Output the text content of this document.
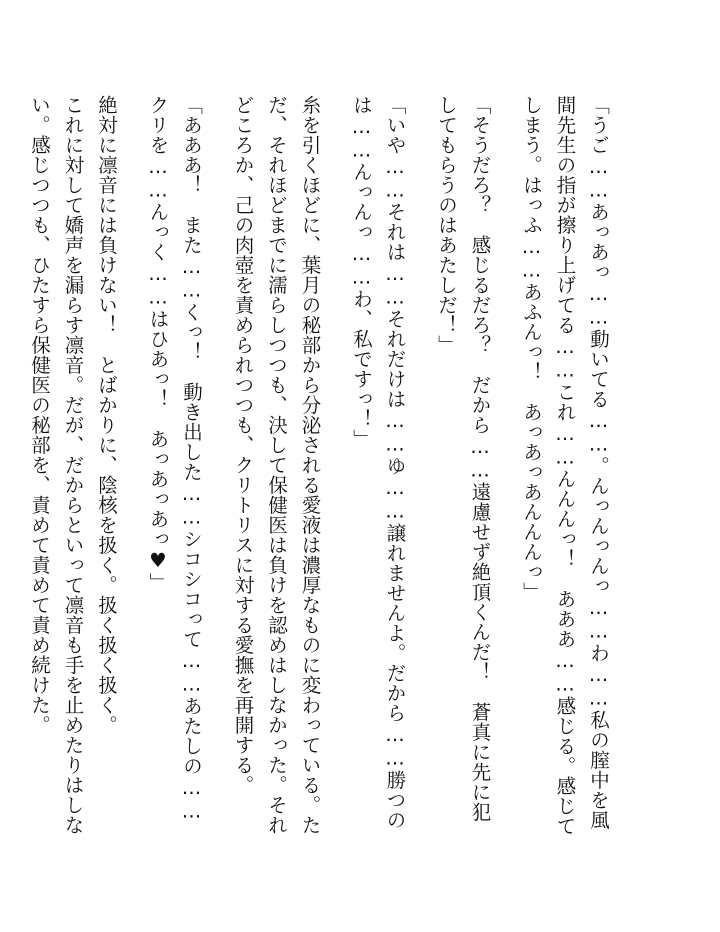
「うご……あっあっ……動いてる……。んっんっんっ……わ……私の膣中を風間先生の指が擦り上げてる……これ……んんんっ！　あああ……感じる。感じてしまう。はっふ……あふんっ！　あっあっあんんんっ」

「そうだろ？　感じるだろ？　だから……遠慮せず絶頂くんだ！　蒼真に先に犯してもらうのはあたしだ！」

「いや……それは……それだけは……ゆ……譲れませんよ。だから……勝つのは……んっんっ……わ、私ですっ！」

糸を引くほどに、葉月の秘部から分泌される愛液は濃厚なものに変わっている。ただ、それほどまでに濡らしつつも、決して保健医は負けを認めはしなかった。それどころか、己の肉壺を責められつつも、クリトリスに対する愛撫を再開する。

「あああ！　また……くっ！　動き出した……シコシコって……あたしの……クリを……んっく……はひあっ！　あっあっあっ♥」

絶対に凛音には負けない！　とばかりに、陰核を扱く。扱く扱く扱く。

これに対して嬌声を漏らす凛音。だが、だからといって凛音も手を止めたりはしない。感じつつも、ひたすら保健医の秘部を、責めて責めて責め続けた。
